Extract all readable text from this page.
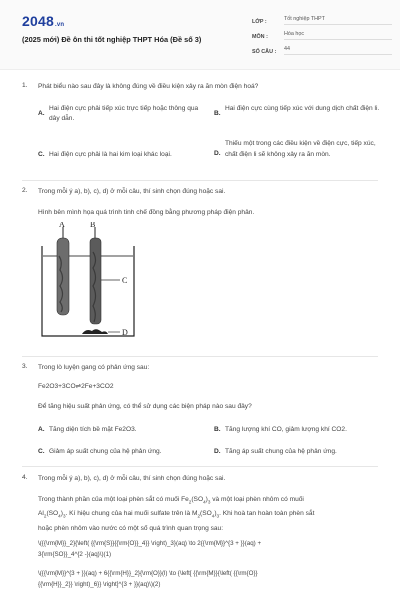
2048.vn
(2025 mới) Đề ôn thi tốt nghiệp THPT Hóa (Đề số 3)
LỚP :	Tốt nghiệp THPT
MÔN :	Hóa học
SỐ CÂU :	44
1. Phát biểu nào sau đây là không đúng về điều kiện xảy ra ăn mòn điện hoá?
A.
Hai điện cực phải tiếp xúc trực tiếp hoặc thông qua dây dẫn.
B.
Hai điện cực cùng tiếp xúc với dung dịch chất điện li.
C. Hai điện cực phải là hai kim loại khác loại.	D.
Thiếu một trong các điều kiện về điện cực, tiếp xúc, chất điện li sẽ không xảy ra ăn mòn.
2. Trong mỗi ý a), b), c), d) ở mỗi câu, thí sinh chọn đúng hoặc sai.
Hình bên mình họa quá trình tinh chế đồng bằng phương pháp điện phân.
A	B
C
D
3. Trong lò luyện gang có phản ứng sau:
Fe2O3+3CO⇌2Fe+3CO2
Để tăng hiệu suất phản ứng, có thể sử dụng các biện pháp nào sau đây?
A. Tăng diện tích bề mặt Fe2O3.	B. Tăng lượng khí CO, giảm lượng khí CO2.
C. Giảm áp suất chung của hệ phản ứng.	D. Tăng áp suất chung của hệ phản ứng.
4. Trong mỗi ý a), b), c), d) ở mỗi câu, thí sinh chọn đúng hoặc sai.
Trong thành phần của một loại phèn sắt có muối $Fe_2(SO_4)_3$ và một loại phèn nhôm có muối
$Al_2(SO_4)_3$. Kí hiệu chung của hai muối sulfate trên là $M_2(SO_4)_3$. Khi hoà tan hoàn toàn phèn sắt
hoặc phèn nhôm vào nước có một số quá trình quan trọng sau:
\({{\rm{M}}_2}{\left( {{\rm{S}}{{\rm{O}}_4}} \right)_3}(aq) \to 2{{\rm{M}}^{3 + }}(aq) +
3{\rm{SO}}_4^{2 -}(aq)\)(1)
\({{\rm{M}}^{3 + }}(aq) + 6{{\rm{H}}_2}{\rm{O}}(l) \to {\left[ {{\rm{M}}{\left( {{\rm{O}}
{{\rm{H}}_2}} \right)_6}} \right]^{3 + }}(aq)\)(2)
